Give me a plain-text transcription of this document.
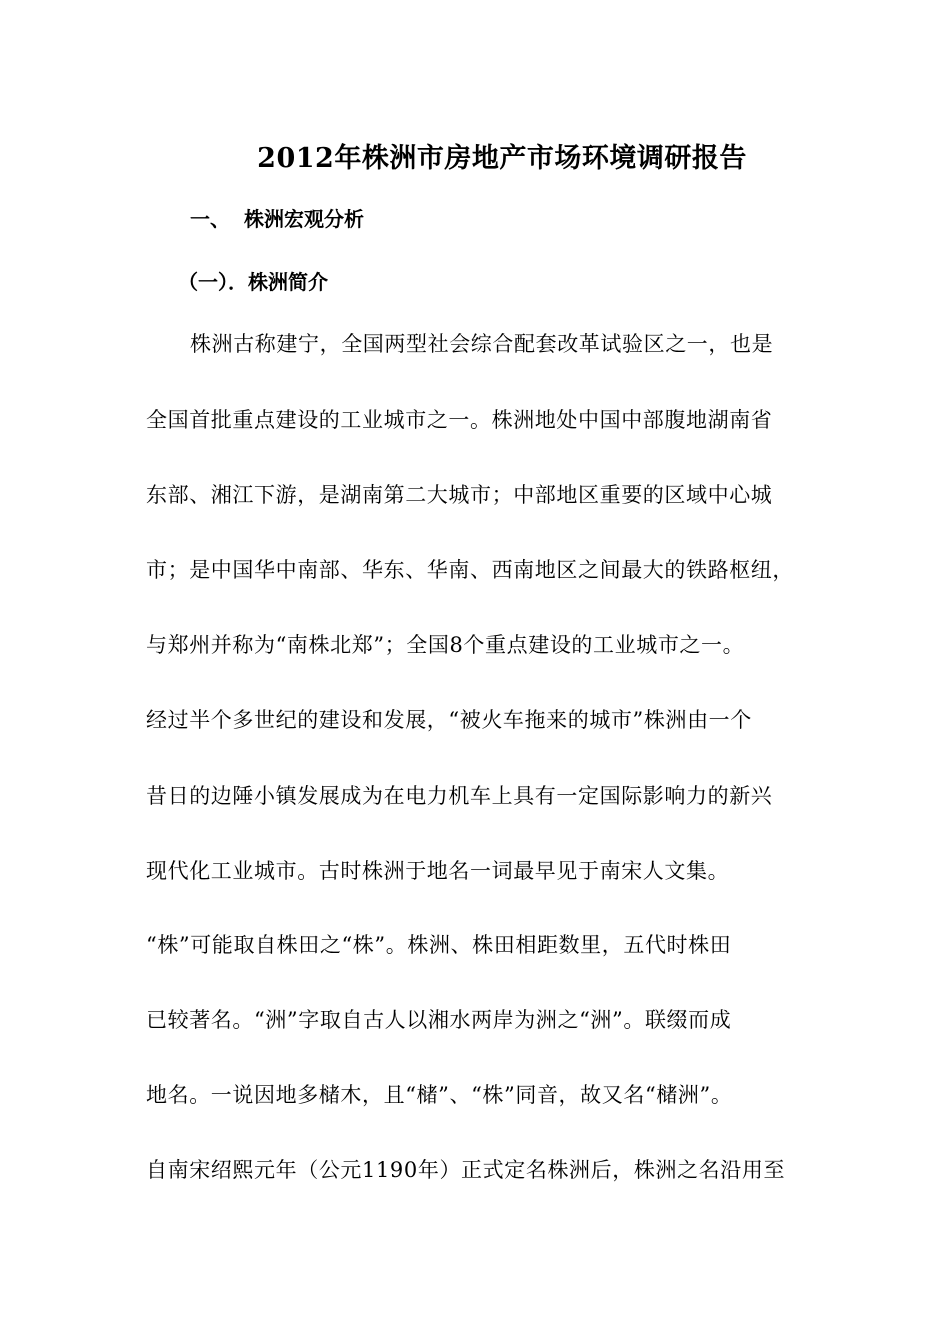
2012年株洲市房地产市场环境调研报告
一、 株洲宏观分析
（一）．株洲简介
株洲古称建宁，全国两型社会综合配套改革试验区之一，也是
全国首批重点建设的工业城市之一。株洲地处中国中部腹地湖南省
东部、湘江下游，是湖南第二大城市；中部地区重要的区域中心城
市；是中国华中南部、华东、华南、西南地区之间最大的铁路枢纽，
与郑州并称为“南株北郑”；全国8个重点建设的工业城市之一。
经过半个多世纪的建设和发展，“被火车拖来的城市”株洲由一个
昔日的边陲小镇发展成为在电力机车上具有一定国际影响力的新兴
现代化工业城市。古时株洲于地名一词最早见于南宋人文集。
“株”可能取自株田之“株”。株洲、株田相距数里，五代时株田
已较著名。“洲”字取自古人以湘水两岸为洲之“洲”。联缀而成
地名。一说因地多槠木，且“槠”、“株”同音，故又名“槠洲”。
自南宋绍熙元年（公元1190年）正式定名株洲后，株洲之名沿用至
